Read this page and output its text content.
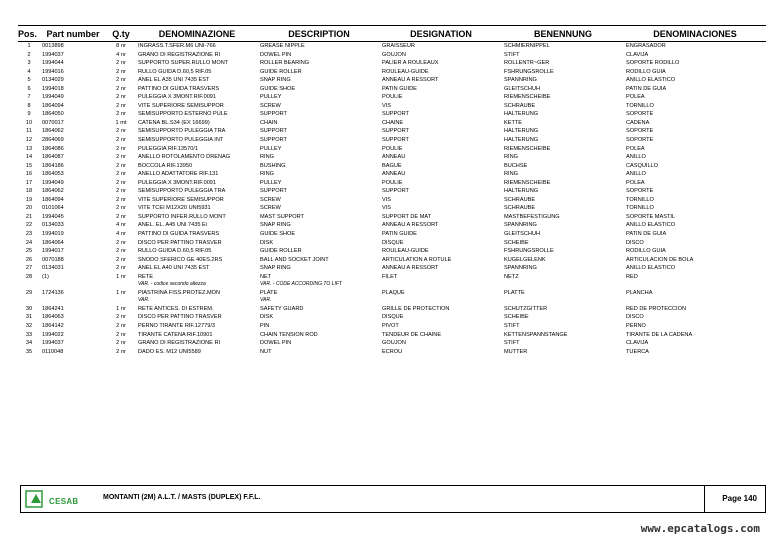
Pos.	Part number	Q.ty	DENOMINAZIONE	DESCRIPTION	DESIGNATION	BENENNUNG	DENOMINACIONES
1	0013898	8 nr	INGRASS.T.SFER.M6 UNI-766	GREASE NIPPLE	GRAISSEUR	SCHMIERNIPPEL	ENGRASADOR
2	1994037	4 nr	GRANO DI REGISTRAZIONE RI	DOWEL PIN	GOUJON	STIFT	CLAVIJA
3	1994044	2 nr	SUPPORTO SUPER.RULLO MONT	ROLLER BEARING	PALIER A ROULEAUX	ROLLENTR~GER	SOPORTE RODILLO
4	1994016	2 nr	RULLO GUIDA D.60,5 RIF.05	GUIDE ROLLER	ROULEAU-GUIDE	FSHRUNGSROLLE	RODILLO GUIA
5	0134029	2 nr	ANEL EL A35 UNI 7435 EST	SNAP RING	ANNEAU A RESSORT	SPANNRING	ANILLO ELASTICO
6	1994018	2 nr	PATTINO DI GUIDA TRASVERS	GUIDE SHOE	PATIN GUIDE	GLEITSCHUH	PATIN DE GUIA
7	1994049	2 nr	PULEGGIA X 3MONT.RIF.0091	PULLEY	POULIE	RIEMENSCHEIBE	POLEA
8	1864094	2 nr	VITE SUPERIORE SEMISUPPOR	SCREW	VIS	SCHRAUBE	TORNILLO
9	1864050	2 nr	SEMISUPPORTO ESTERNO PULE	SUPPORT	SUPPORT	HALTERUNG	SOPORTE
10	0070017	1 mt	CATENA BL.S34 (EX 16699)	CHAIN	CHAINE	KETTE	CADENA
11	1864062	2 nr	SEMISUPPORTO PULEGGIA TRA	SUPPORT	SUPPORT	HALTERUNG	SOPORTE
12	2864069	2 nr	SEMISUPPORTO PULEGGIA INT	SUPPORT	SUPPORT	HALTERUNG	SOPORTE
13	1864086	2 nr	PULEGGIA RIF.13570/1	PULLEY	POULIE	RIEMENSCHEIBE	POLEA
14	1864087	2 nr	ANELLO ROTOLAMENTO DRENAG	RING	ANNEAU	RING	ANILLO
15	1864186	2 nr	BOCCOLA RIF.13950	BUSHING	BAGUE	BUCHSE	CASQUILLO
16	1864053	2 nr	ANELLO ADATTATORE RIF.131	RING	ANNEAU	RING	ANILLO
17	1994049	2 nr	PULEGGIA X 3MONT.RIF.0091	PULLEY	POULIE	RIEMENSCHEIBE	POLEA
18	1864062	2 nr	SEMISUPPORTO PULEGGIA TRA	SUPPORT	SUPPORT	HALTERUNG	SOPORTE
19	1864094	2 nr	VITE SUPERIORE SEMISUPPOR	SCREW	VIS	SCHRAUBE	TORNILLO
20	0101064	2 nr	VITE TCEI M12X20 UNI5931	SCREW	VIS	SCHRAUBE	TORNILLO
21	1994045	2 nr	SUPPORTO INFER.RULLO MONT	MAST SUPPORT	SUPPORT DE MAT	MASTBEFESTIGUNG	SOPORTE MASTIL
22	0134033	4 nr	ANEL. EL. A45 UNI 7435 Ei	SNAP RING	ANNEAU A RESSORT	SPANNRING	ANILLO ELASTICO
23	1994019	4 nr	PATTINO DI GUIDA TRASVERS	GUIDE SHOE	PATIN GUIDE	GLEITSCHUH	PATIN DE GUIA
24	1864064	2 nr	DISCO PER PATTINO TRASVER	DISK	DISQUE	SCHEIBE	DISCO
25	1994017	2 nr	RULLO GUIDA D.60,5 RIF.05	GUIDE ROLLER	ROULEAU-GUIDE	FSHRUNGSROLLE	RODILLO GUIA
26	0070188	2 nr	SNODO SFERICO GE 40ES.2RS	BALL AND SOCKET JOINT	ARTICULATION A ROTULE	KUGELGELENK	ARTICULACION DE BOLA
27	0134031	2 nr	ANEL EL A40 UNI 7435 EST	SNAP RING	ANNEAU A RESSORT	SPANNRING	ANILLO ELASTICO
28	(1)	1 nr	RETE	NET	FILET	NETZ	RED
			VAR. - codice secondo altezza	VAR. - CODE ACCORDING TO LIFT			
29	1724136	1 nr	PIASTRINA FISS.PROTEZ.MON	PLATE	PLAQUE	PLATTE	PLANCHA
			VAR.	VAR.			
30	1864241	1 nr	RETE ANTICES. DI ESTREM.	SAFETY GUARD	GRILLE DE PROTECTION	SCHUTZGITTER	RED DE PROTECCION
31	1864063	2 nr	DISCO PER PATTINO TRASVER	DISK	DISQUE	SCHEIBE	DISCO
32	1864142	2 nr	PERNO TIRANTE RIF.12779/3	PIN	PIVOT	STIFT	PERNO
33	1994022	2 nr	TIRANTE CATENA RIF.10901	CHAIN TENSION ROD	TENDEUR DE CHAINE	KETTENSPANNSTANGE	TIRANTE DE LA CADENA
34	1994037	2 nr	GRANO DI REGISTRAZIONE RI	DOWEL PIN	GOUJON	STIFT	CLAVIJA
35	0110048	2 nr	DADO ES. M12 UNI5589	NUT	ECROU	MUTTER	TUERCA
CESAB	MONTANTI (2M) A.L.T. / MASTS (DUPLEX) F.F.L.	Page 140
www.epcatalogs.com
